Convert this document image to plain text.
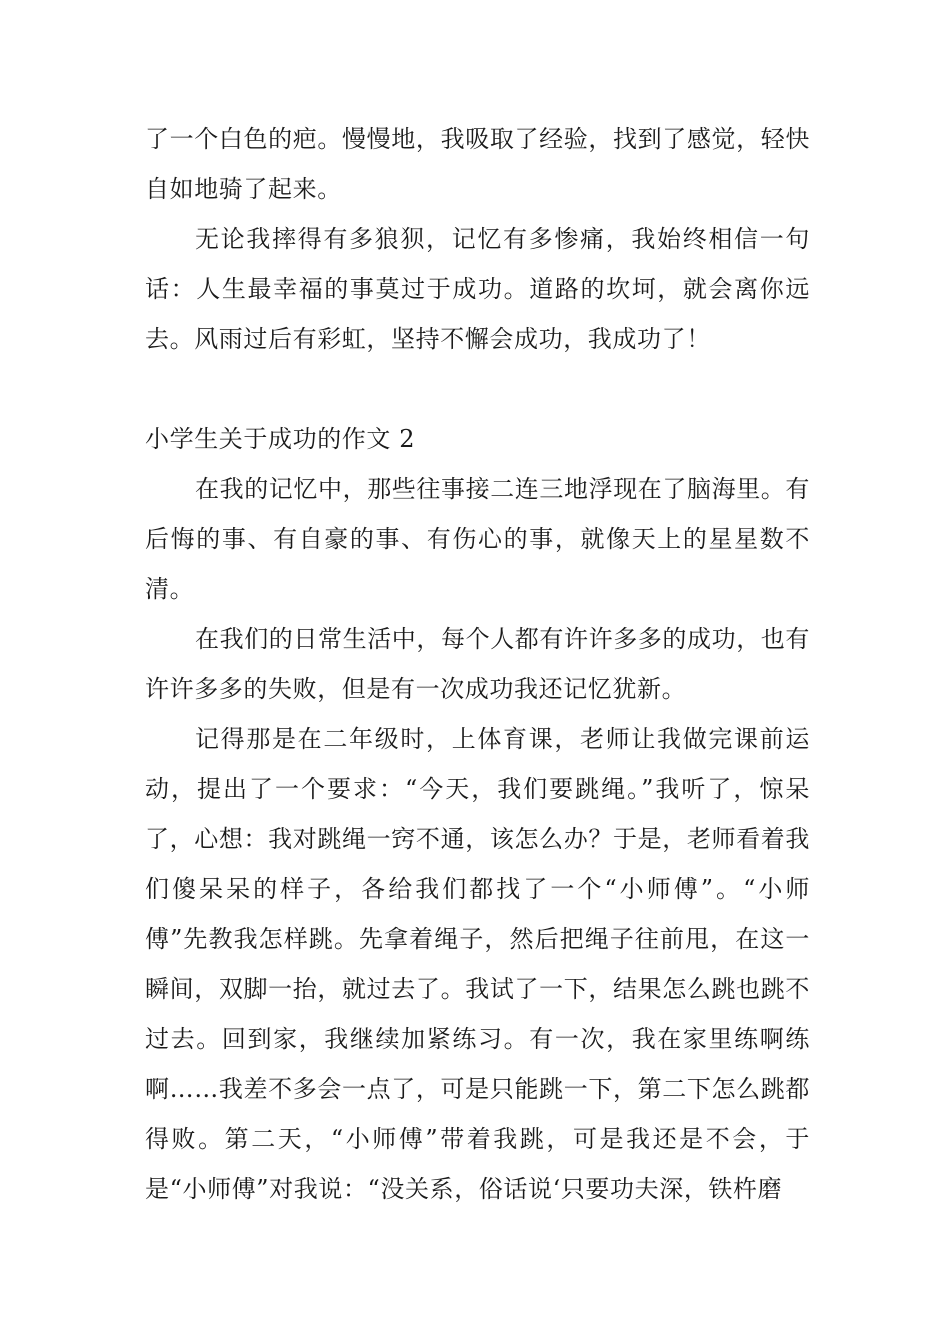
了一个白色的疤。慢慢地，我吸取了经验，找到了感觉，轻快自如地骑了起来。

无论我摔得有多狼狈，记忆有多惨痛，我始终相信一句话：人生最幸福的事莫过于成功。道路的坎坷，就会离你远去。风雨过后有彩虹，坚持不懈会成功，我成功了！

小学生关于成功的作文 2

在我的记忆中，那些往事接二连三地浮现在了脑海里。有后悔的事、有自豪的事、有伤心的事，就像天上的星星数不清。

在我们的日常生活中，每个人都有许许多多的成功，也有许许多多的失败，但是有一次成功我还记忆犹新。

记得那是在二年级时，上体育课，老师让我做完课前运动，提出了一个要求：“今天，我们要跳绳。”我听了，惊呆了，心想：我对跳绳一窍不通，该怎么办？于是，老师看着我们傻呆呆的样子，各给我们都找了一个“小师傅”。“小师傅”先教我怎样跳。先拿着绳子，然后把绳子往前甩，在这一瞬间，双脚一抬，就过去了。我试了一下，结果怎么跳也跳不过去。回到家，我继续加紧练习。有一次，我在家里练啊练啊……我差不多会一点了，可是只能跳一下，第二下怎么跳都得败。第二天，“小师傅”带着我跳，可是我还是不会，于是“小师傅”对我说：“没关系，俗话说‘只要功夫深，铁杵磨
